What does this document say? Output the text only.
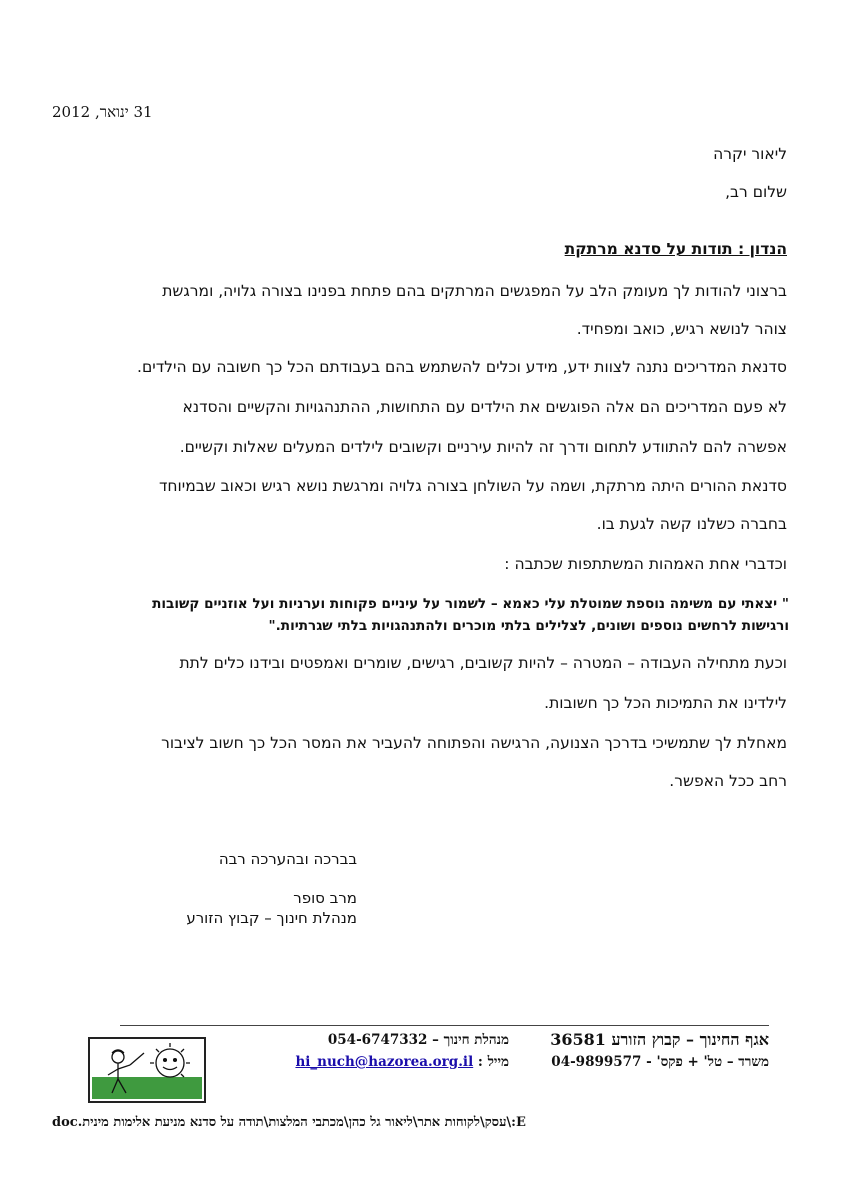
31 ינואר, 2012
ליאור יקרה
שלום רב,
הנדון : תודות על סדנא מרתקת
ברצוני להודות לך מעומק הלב על המפגשים המרתקים בהם פתחת בפנינו בצורה גלויה, ומרגשת
צוהר לנושא רגיש, כואב ומפחיד.
סדנאת המדריכים נתנה לצוות ידע, מידע וכלים להשתמש בהם בעבודתם הכל כך חשובה עם הילדים.
לא פעם המדריכים הם אלה הפוגשים את הילדים עם התחושות, ההתנהגויות והקשיים והסדנא
אפשרה להם להתוודע לתחום ודרך זה להיות עירניים וקשובים לילדים המעלים שאלות וקשיים.
סדנאת ההורים היתה מרתקת, ושמה על השולחן בצורה גלויה ומרגשת נושא רגיש וכאוב שבמיוחד
בחברה כשלנו קשה לגעת בו.
וכדברי אחת האמהות המשתתפות שכתבה :
" יצאתי עם משימה נוספת שמוטלת עלי כאמא – לשמור על עיניים פקוחות וערניות ועל אוזניים קשובות
ורגישות לרחשים נוספים ושונים, לצלילים בלתי מוכרים ולהתנהגויות בלתי שגרתיות."
וכעת מתחילה העבודה – המטרה – להיות קשובים, רגישים, שומרים ואמפטים ובידנו כלים לתת
לילדינו את התמיכות הכל כך חשובות.
מאחלת לך שתמשיכי בדרכך הצנועה, הרגישה והפתוחה להעביר את המסר הכל כך חשוב לציבור
רחב ככל האפשר.
בברכה ובהערכה רבה
מרב סופר
מנהלת חינוך – קבוץ הזורע
אגף החינוך – קבוץ הזורע 36581
משרד – טל' + פקס' - 04-9899577
מנהלת חינוך – 054-6747332
מייל : hi_nuch@hazorea.org.il
E:\עסק\לקוחות אתר\ליאור גל כהן\מכתבי המלצות\תודה על סדנא מניעת אלימות מינית.doc
